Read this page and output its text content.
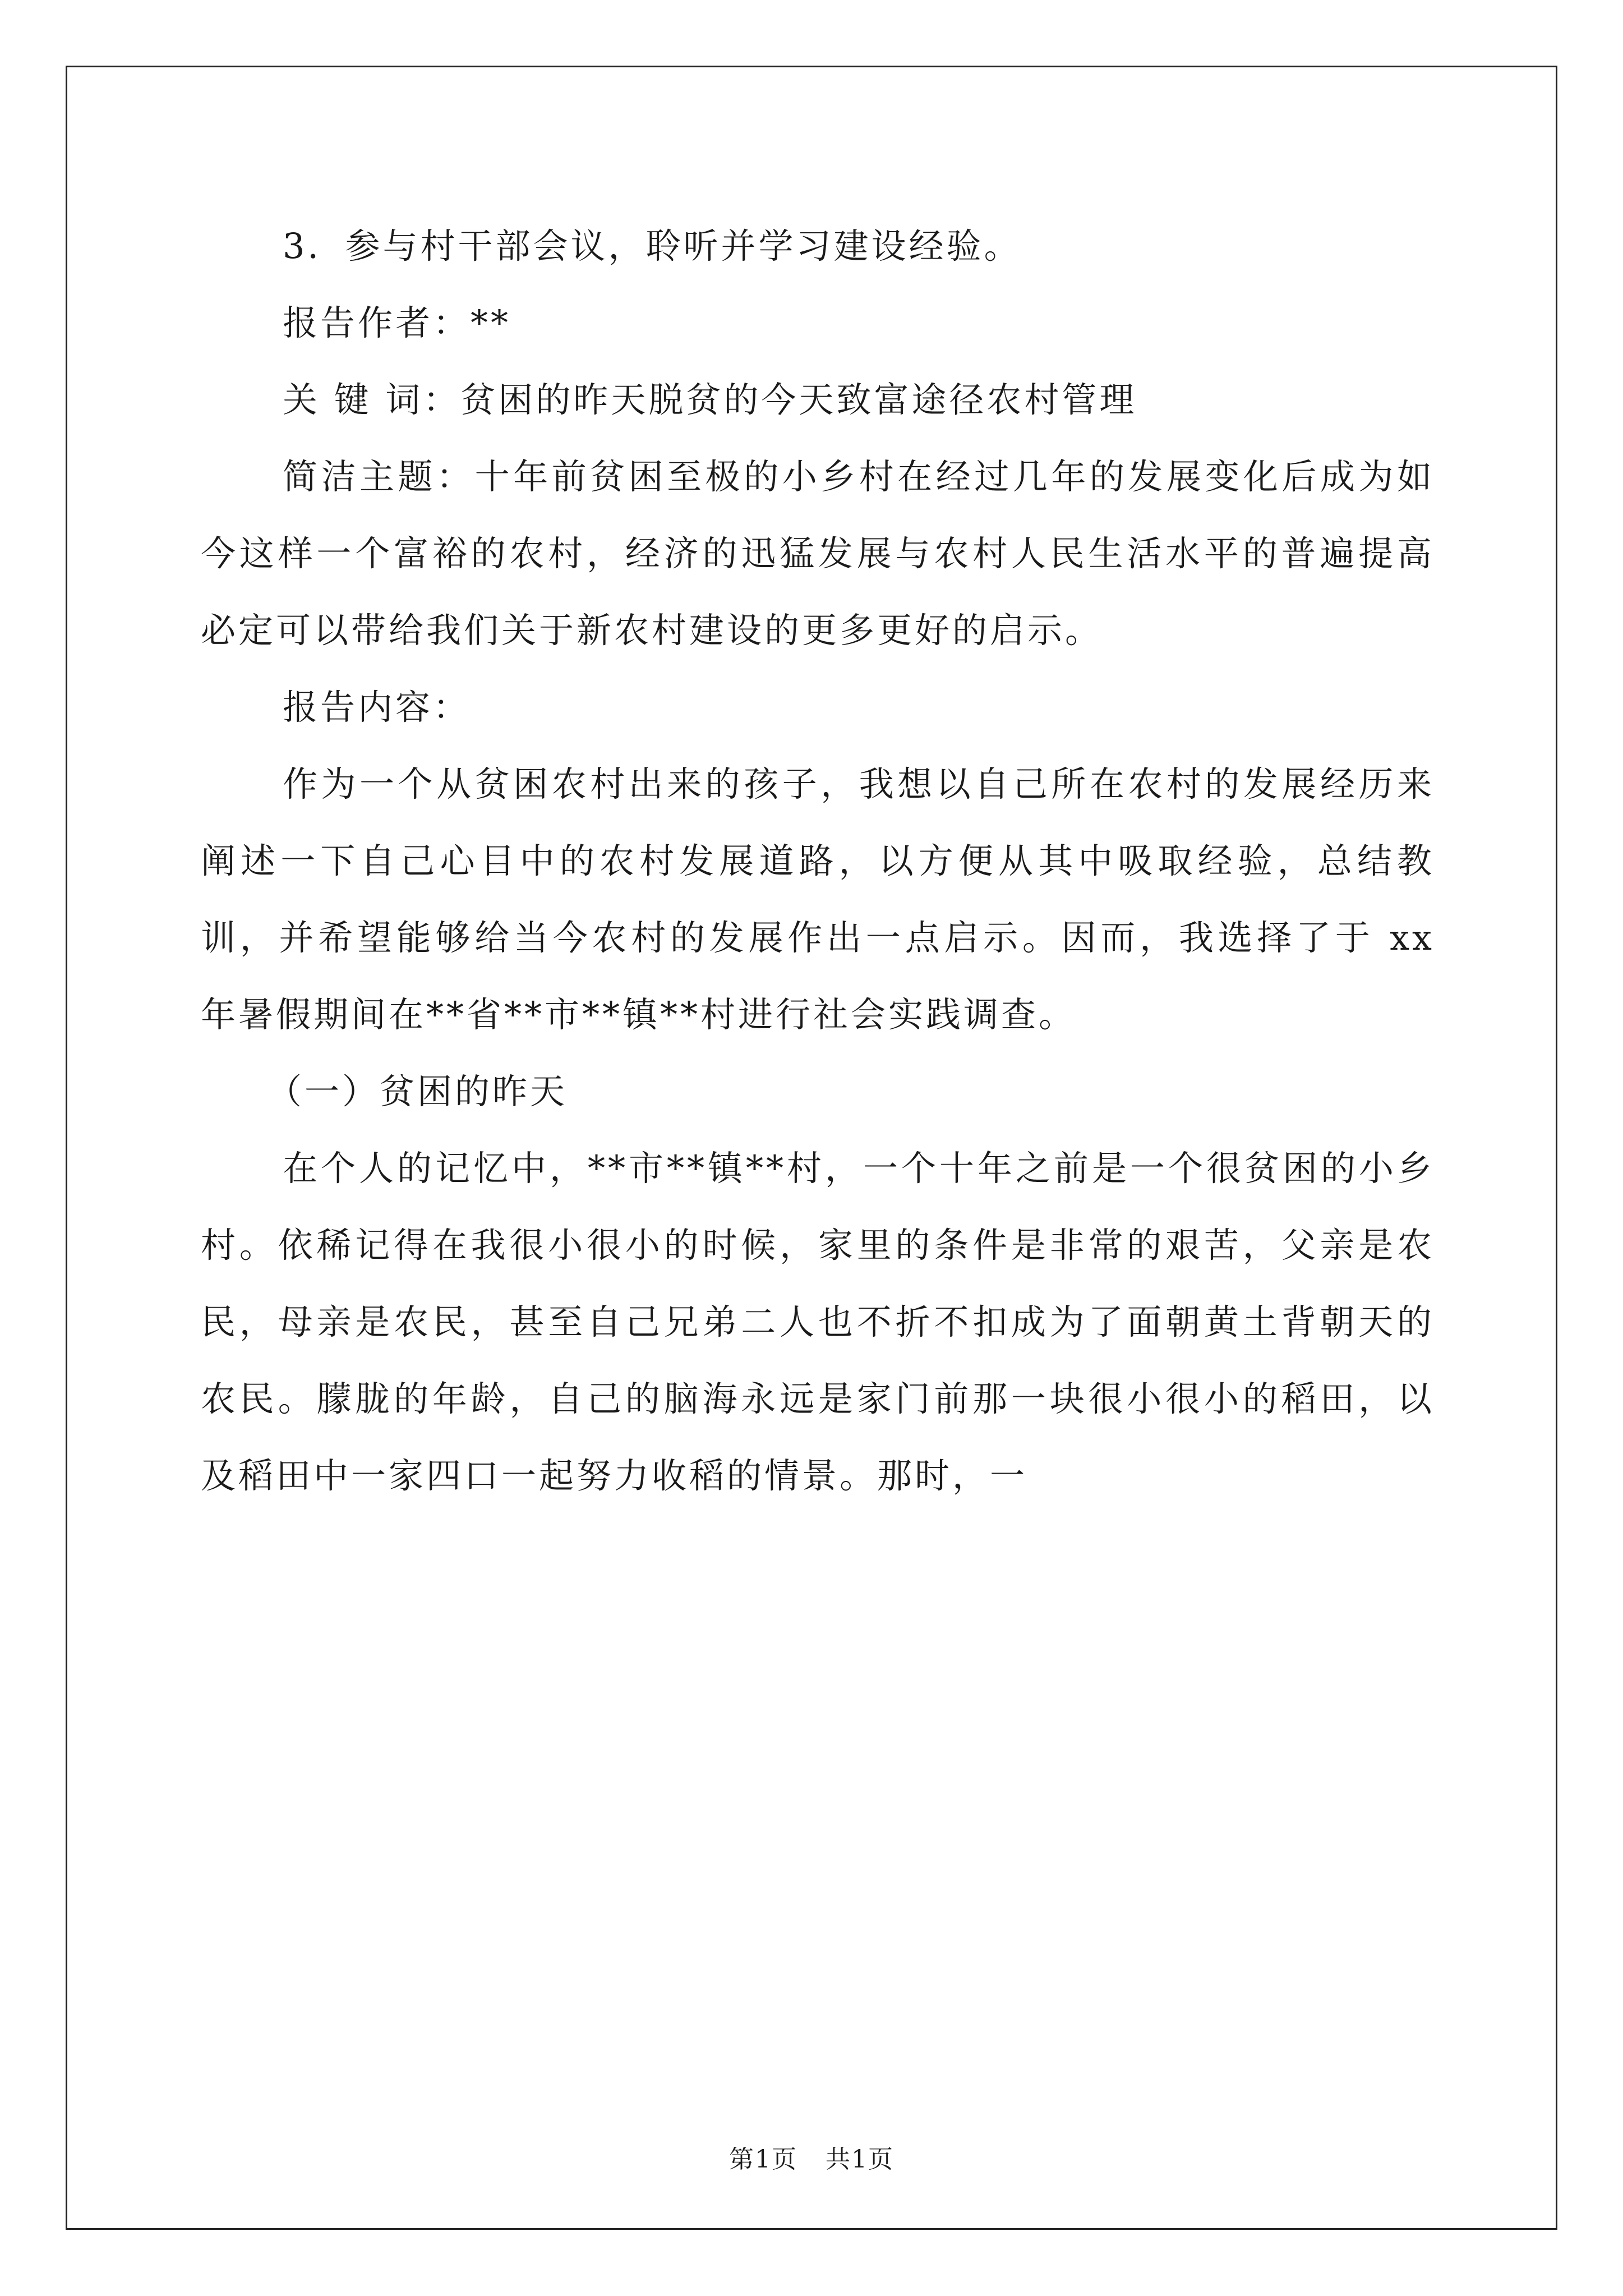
3．参与村干部会议，聆听并学习建设经验。

报告作者：**

关 键 词：贫困的昨天脱贫的今天致富途径农村管理

简洁主题：十年前贫困至极的小乡村在经过几年的发展变化后成为如今这样一个富裕的农村，经济的迅猛发展与农村人民生活水平的普遍提高必定可以带给我们关于新农村建设的更多更好的启示。

报告内容：

作为一个从贫困农村出来的孩子，我想以自己所在农村的发展经历来阐述一下自己心目中的农村发展道路，以方便从其中吸取经验，总结教训，并希望能够给当今农村的发展作出一点启示。因而，我选择了于 xx 年暑假期间在**省**市**镇**村进行社会实践调查。

（一）贫困的昨天

在个人的记忆中，**市**镇**村，一个十年之前是一个很贫困的小乡村。依稀记得在我很小很小的时候，家里的条件是非常的艰苦，父亲是农民，母亲是农民，甚至自己兄弟二人也不折不扣成为了面朝黄土背朝天的农民。朦胧的年龄，自己的脑海永远是家门前那一块很小很小的稻田，以及稻田中一家四口一起努力收稻的情景。那时，一

第1页 共1页
